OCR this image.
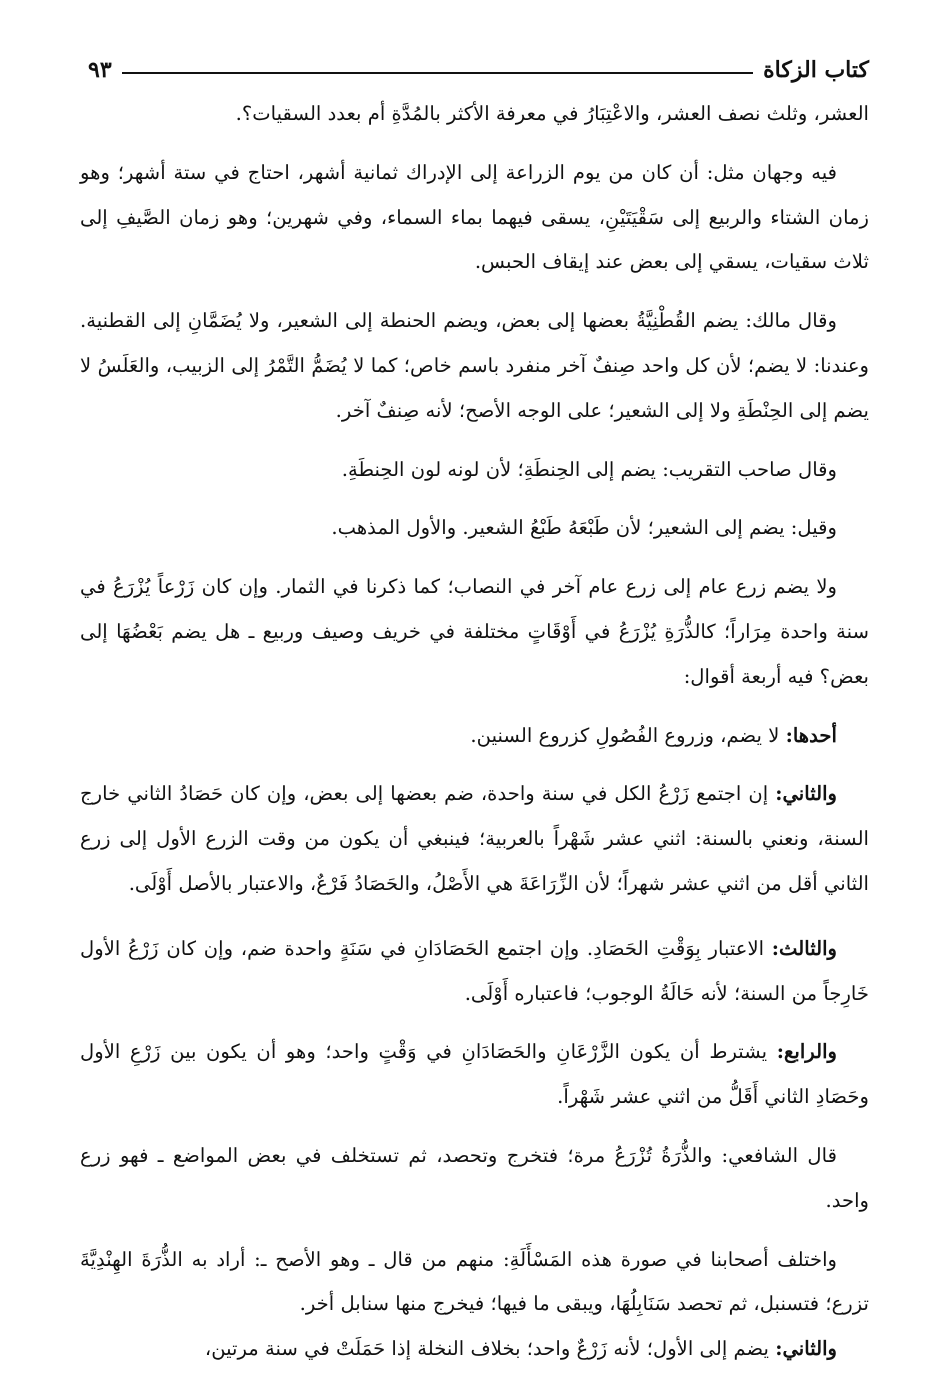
كتاب الزكاة
٩٣

العشر، وثلث نصف العشر، والاعْتِبَارُ في معرفة الأكثر بالمُدَّةِ أم بعدد السقيات؟.

فيه وجهان مثل: أن كان من يوم الزراعة إلى الإدراك ثمانية أشهر، احتاج في ستة أشهر؛ وهو زمان الشتاء والربيع إلى سَقْيَتَيْنِ، يسقى فيهما بماء السماء، وفي شهرين؛ وهو زمان الصَّيفِ إلى ثلاث سقيات، يسقي إلى بعض عند إيقاف الحبس.

وقال مالك: يضم القُطْنِيَّةُ بعضها إلى بعض، ويضم الحنطة إلى الشعير، ولا يُضَمَّانِ إلى القطنية. وعندنا: لا يضم؛ لأن كل واحد صِنفٌ آخر منفرد باسم خاص؛ كما لا يُضَمُّ التَّمْرُ إلى الزبيب، والعَلَسُ لا يضم إلى الحِنْطَةِ ولا إلى الشعير؛ على الوجه الأصح؛ لأنه صِنفٌ آخر.

وقال صاحب التقريب: يضم إلى الحِنطَةِ؛ لأن لونه لون الحِنطَةِ.

وقيل: يضم إلى الشعير؛ لأن طَبْعَهُ طَبْعُ الشعير. والأول المذهب.

ولا يضم زرع عام إلى زرع عام آخر في النصاب؛ كما ذكرنا في الثمار. وإن كان زَرْعاً يُزْرَعُ في سنة واحدة مِرَاراً؛ كالذُّرَةِ يُزْرَعُ في أَوْقَاتٍ مختلفة في خريف وصيف وربيع ـ هل يضم بَعْضُهَا إلى بعض؟ فيه أربعة أقوال:

أحدها: لا يضم، وزروع الفُصُولِ كزروع السنين.

والثاني: إن اجتمع زَرْعُ الكل في سنة واحدة، ضم بعضها إلى بعض، وإن كان حَصَادُ الثاني خارج السنة، ونعني بالسنة: اثني عشر شَهْراً بالعربية؛ فينبغي أن يكون من وقت الزرع الأول إلى زرع الثاني أقل من اثني عشر شهراً؛ لأن الزِّرَاعَةَ هي الأَصْلُ، والحَصَادُ فَرْعٌ، والاعتبار بالأصل أَوْلَى.

والثالث: الاعتبار بِوَقْتِ الحَصَادِ. وإن اجتمع الحَصَادَانِ في سَنَةٍ واحدة ضم، وإن كان زَرْعُ الأول خَارِجاً من السنة؛ لأنه حَالَةُ الوجوب؛ فاعتباره أَوْلَى.

والرابع: يشترط أن يكون الزَّرْعَانِ والحَصَادَانِ في وَقْتٍ واحد؛ وهو أن يكون بين زَرْعِ الأول وحَصَادِ الثاني أَقَلُّ من اثني عشر شَهْراً.

قال الشافعي: والذُّرَةُ تُزْرَعُ مرة؛ فتخرج وتحصد، ثم تستخلف في بعض المواضع ـ فهو زرع واحد.

واختلف أصحابنا في صورة هذه المَسْأَلَةِ: منهم من قال ـ وهو الأصح ـ: أراد به الذُّرَةَ الهِنْدِيَّةَ تزرع؛ فتسنبل، ثم تحصد سَنَابِلُهَا، ويبقى ما فيها؛ فيخرج منها سنابل أخر.

والثاني: يضم إلى الأول؛ لأنه زَرْعٌ واحد؛ بخلاف النخلة إذا حَمَلَتْ في سنة مرتين،
